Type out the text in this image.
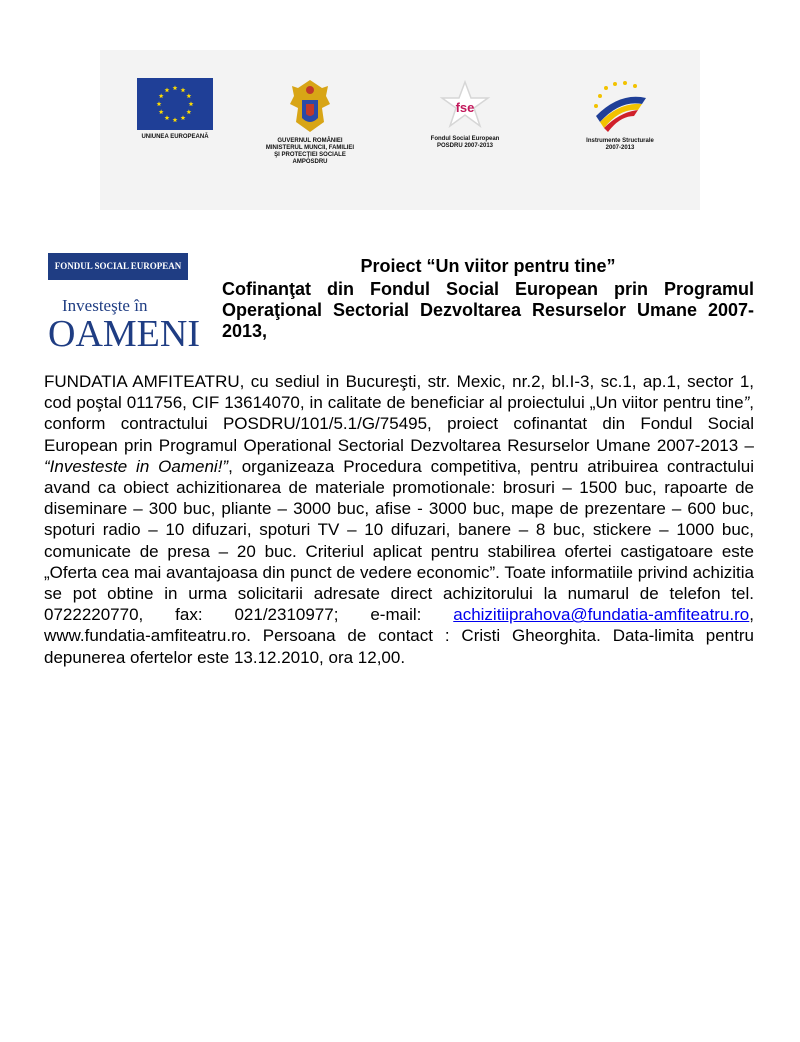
UNIUNEA EUROPEANĂ
GUVERNUL ROMÂNIEI
MINISTERUL MUNCII, FAMILIEI
ŞI PROTECŢIEI SOCIALE
AMPOSDRU
fse
Fondul Social European
POSDRU 2007-2013
Instrumente Structurale
2007-2013
FONDUL SOCIAL EUROPEAN
Investeşte în
OAMENI
Proiect “Un viitor pentru tine”
Cofinanţat din Fondul Social European prin Programul Operaţional Sectorial Dezvoltarea Resurselor Umane 2007- 2013,
FUNDATIA AMFITEATRU, cu sediul in Bucureşti, str. Mexic, nr.2, bl.I-3, sc.1, ap.1, sector 1, cod poştal 011756, CIF 13614070, in calitate de beneficiar al proiectului „Un viitor pentru tine”, conform contractului POSDRU/101/5.1/G/75495, proiect cofinantat din Fondul Social European prin Programul Operational Sectorial Dezvoltarea Resurselor Umane 2007-2013 – “Investeste in Oameni!”, organizeaza Procedura competitiva, pentru atribuirea contractului avand ca obiect achizitionarea de materiale promotionale: brosuri – 1500 buc, rapoarte de diseminare – 300 buc, pliante – 3000 buc, afise - 3000 buc, mape de prezentare – 600 buc, spoturi radio – 10 difuzari, spoturi TV – 10 difuzari, banere – 8 buc, stickere – 1000 buc, comunicate de presa – 20 buc. Criteriul aplicat pentru stabilirea ofertei castigatoare este „Oferta cea mai avantajoasa din punct de vedere economic”. Toate informatiile privind achizitia se pot obtine in urma solicitarii adresate direct achizitorului la numarul de telefon tel. 0722220770, fax: 021/2310977; e-mail: achizitiiprahova@fundatia-amfiteatru.ro, www.fundatia-amfiteatru.ro. Persoana de contact : Cristi Gheorghita. Data-limita pentru depunerea ofertelor este 13.12.2010, ora 12,00.
